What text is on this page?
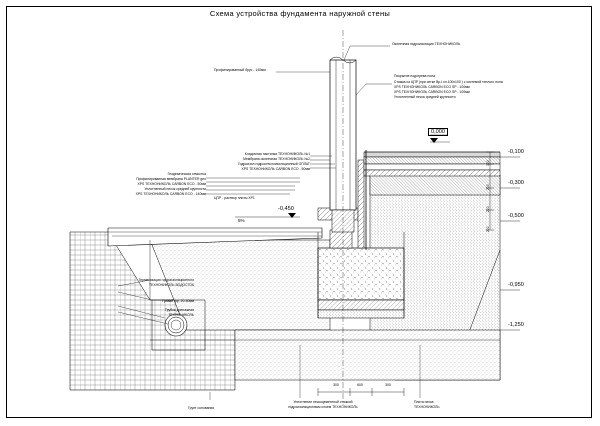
Схема устройства фундамента наружной стены
Оклеечная гидроизоляция ТЕХНОНИКОЛЬ
Профилированный брус - 140мм
Покрытие подогрева пола
Стяжка из ЦПР (при сетке Вр-I кл.100х100 ) с системой теплого пола
XPS ТЕХНОНИКОЛЬ CARBON ECO SP - 100мм
XPS ТЕХНОНИКОЛЬ CARBON ECO SP - 100мм
Уплотненный песок средней крупности
Кладочная настилка ТЕХНОНИКОЛЬ №1
Мембрана оклеечная ТЕХНОНИКОЛЬ №2
Гидроизол гидростеклоизоляционный ОПЛАТ
XPS ТЕХНОНИКОЛЬ CARBON ECO - 50мм
Геодезическая отмостка
Профилированная мембрана PLANTER geo
XPS ТЕХНОНИКОЛЬ CARBON ECO - 50мм
Уплотненный песок средней крупности
XPS ТЕХНОНИКОЛЬ CARBON ECO - 140мм
ЦПР - раствор плиты ХР1
5%
Герметизация гидроизоляционного
ТЕХНОНИКОЛЬ ВОДОСТОК
Гравий фр. 20-40мм
Трубка дренажная
ТЕХНОНИКОЛЬ
Грунт основания
Уплотнение пескоцементной стяжкой
гидроизоляционным слоем ТЕХНОНИКОЛЬ
Плита песка
ТЕХНОНИКОЛЬ
0,000
-0,100
-0,300
-0,500
-0,950
-1,250
-0,450
300	600	300
100
200
200
200
